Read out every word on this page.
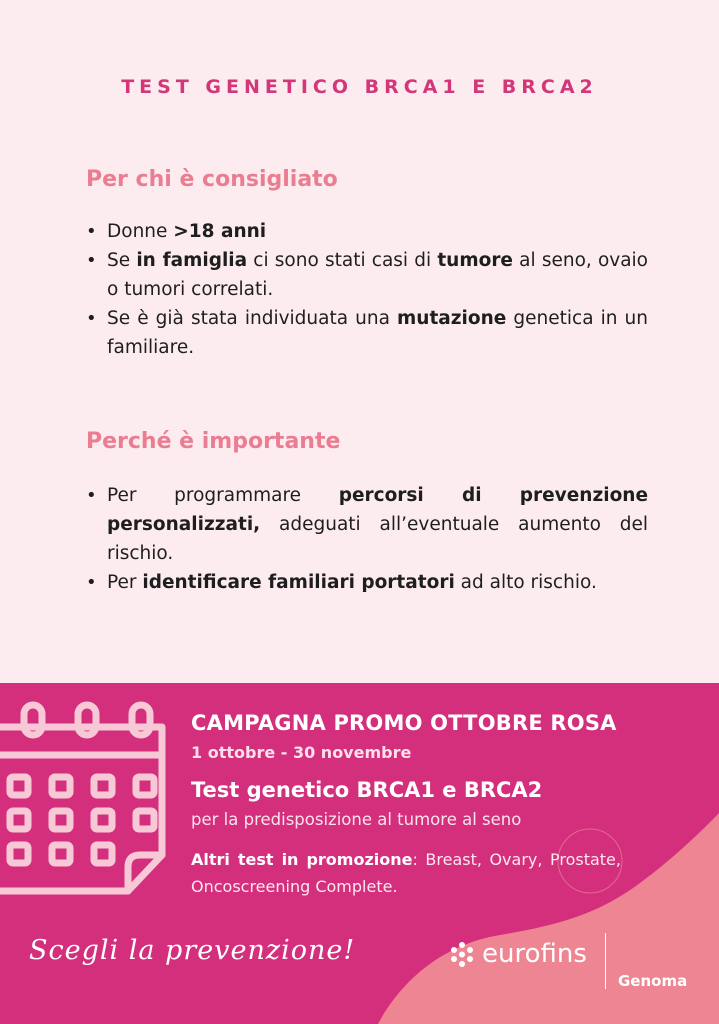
TEST GENETICO BRCA1 E BRCA2
Per chi è consigliato
• Donne >18 anni
• Se in famiglia ci sono stati casi di tumore al seno, ovaio o tumori correlati.
• Se è già stata individuata una mutazione genetica in un familiare.
Perché è importante
• Per programmare percorsi di prevenzione personalizzati, adeguati all’eventuale aumento del rischio.
• Per identificare familiari portatori ad alto rischio.
CAMPAGNA PROMO OTTOBRE ROSA
1 ottobre - 30 novembre
Test genetico BRCA1 e BRCA2
per la predisposizione al tumore al seno
Altri test in promozione: Breast, Ovary, Prostate, Oncoscreening Complete.
Scegli la prevenzione!	eurofins
Genoma
